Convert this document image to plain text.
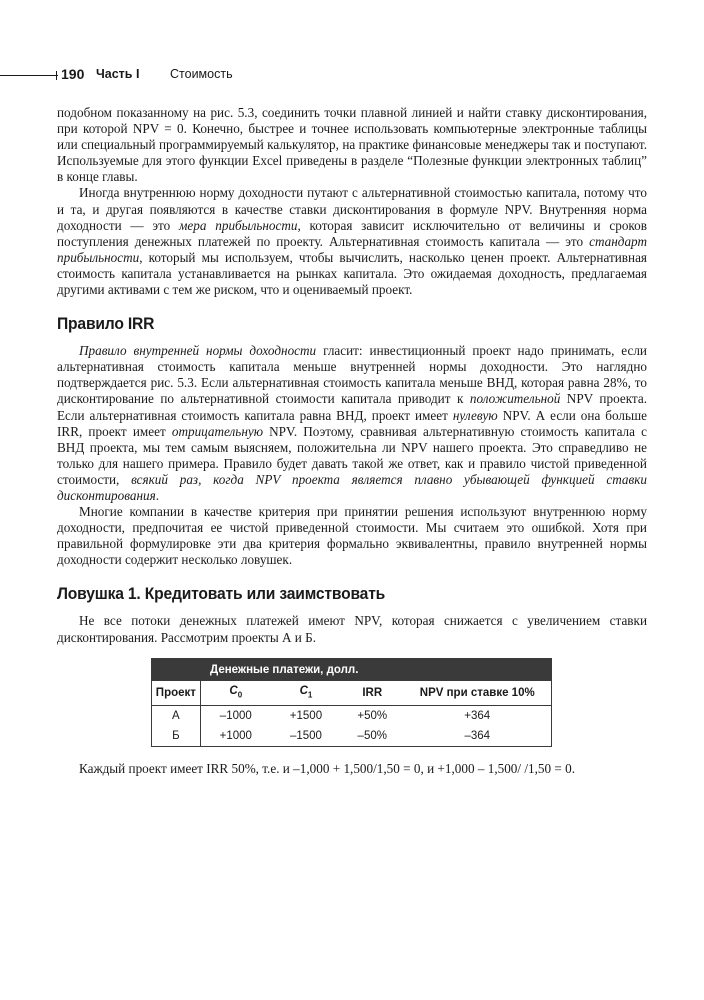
190 Часть I Стоимость

подобном показанному на рис. 5.3, соединить точки плавной линией и найти ставку дисконтирования, при которой NPV = 0. Конечно, быстрее и точнее использовать компьютерные электронные таблицы или специальный программируемый калькулятор, на практике финансовые менеджеры так и поступают. Используемые для этого функции Excel приведены в разделе “Полезные функции электронных таблиц” в конце главы.

Иногда внутреннюю норму доходности путают с альтернативной стоимостью капитала, потому что и та, и другая появляются в качестве ставки дисконтирования в формуле NPV. Внутренняя норма доходности — это мера прибыльности, которая зависит исключительно от величины и сроков поступления денежных платежей по проекту. Альтернативная стоимость капитала — это стандарт прибыльности, который мы используем, чтобы вычислить, насколько ценен проект. Альтернативная стоимость капитала устанавливается на рынках капитала. Это ожидаемая доходность, предлагаемая другими активами с тем же риском, что и оцениваемый проект.

Правило IRR

Правило внутренней нормы доходности гласит: инвестиционный проект надо принимать, если альтернативная стоимость капитала меньше внутренней нормы доходности. Это наглядно подтверждается рис. 5.3. Если альтернативная стоимость капитала меньше ВНД, которая равна 28%, то дисконтирование по альтернативной стоимости капитала приводит к положительной NPV проекта. Если альтернативная стоимость капитала равна ВНД, проект имеет нулевую NPV. А если она больше IRR, проект имеет отрицательную NPV. Поэтому, сравнивая альтернативную стоимость капитала с ВНД проекта, мы тем самым выясняем, положительна ли NPV нашего проекта. Это справедливо не только для нашего примера. Правило будет давать такой же ответ, как и правило чистой приведенной стоимости, всякий раз, когда NPV проекта является плавно убывающей функцией ставки дисконтирования.

Многие компании в качестве критерия при принятии решения используют внутреннюю норму доходности, предпочитая ее чистой приведенной стоимости. Мы считаем это ошибкой. Хотя при правильной формулировке эти два критерия формально эквивалентны, правило внутренней нормы доходности содержит несколько ловушек.

Ловушка 1. Кредитовать или заимствовать

Не все потоки денежных платежей имеют NPV, которая снижается с увеличением ставки дисконтирования. Рассмотрим проекты А и Б.

Денежные платежи, долл.				
Проект	$C_0$	$C_1$	IRR	NPV при ставке 10%
А	–1000	+1500	+50%	+364
Б	+1000	–1500	–50%	–364

Каждый проект имеет IRR 50%, т.е. и –1,000 + 1,500/1,50 = 0, и +1,000 – 1,500/ /1,50 = 0.
